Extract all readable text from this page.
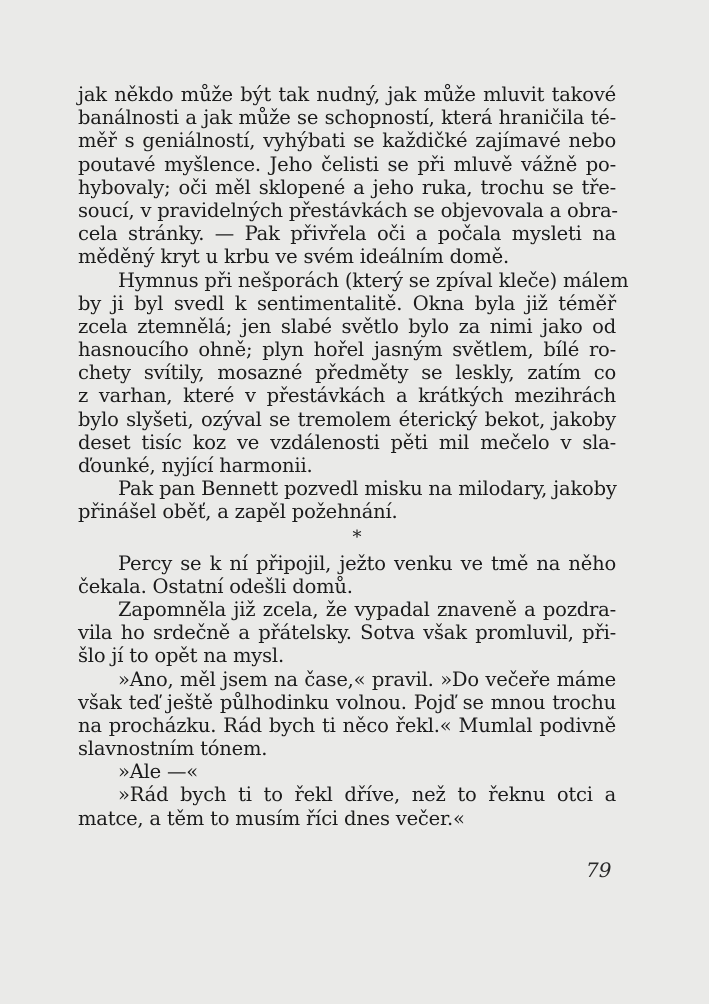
jak někdo může být tak nudný, jak může mluvit takové
banálnosti a jak může se schopností, která hraničila té-
měř s geniálností, vyhýbati se každičké zajímavé nebo
poutavé myšlence. Jeho čelisti se při mluvě vážně po-
hybovaly; oči měl sklopené a jeho ruka, trochu se tře-
soucí, v pravidelných přestávkách se objevovala a obra-
cela stránky. — Pak přivřela oči a počala mysleti na
měděný kryt u krbu ve svém ideálním domě.
Hymnus při nešporách (který se zpíval kleče) málem
by ji byl svedl k sentimentalitě. Okna byla již téměř
zcela ztemnělá; jen slabé světlo bylo za nimi jako od
hasnoucího ohně; plyn hořel jasným světlem, bílé ro-
chety svítily, mosazné předměty se leskly, zatím co
z varhan, které v přestávkách a krátkých mezihrách
bylo slyšeti, ozýval se tremolem éterický bekot, jakoby
deset tisíc koz ve vzdálenosti pěti mil mečelo v sla-
ďounké, nyjící harmonii.
Pak pan Bennett pozvedl misku na milodary, jakoby
přinášel oběť, a zapěl požehnání.
*
Percy se k ní připojil, ježto venku ve tmě na něho
čekala. Ostatní odešli domů.
Zapomněla již zcela, že vypadal znaveně a pozdra-
vila ho srdečně a přátelsky. Sotva však promluvil, při-
šlo jí to opět na mysl.
»Ano, měl jsem na čase,« pravil. »Do večeře máme
však teď ještě půlhodinku volnou. Pojď se mnou trochu
na procházku. Rád bych ti něco řekl.« Mumlal podivně
slavnostním tónem.
»Ale —«
»Rád bych ti to řekl dříve, než to řeknu otci a
matce, a těm to musím říci dnes večer.«
79
